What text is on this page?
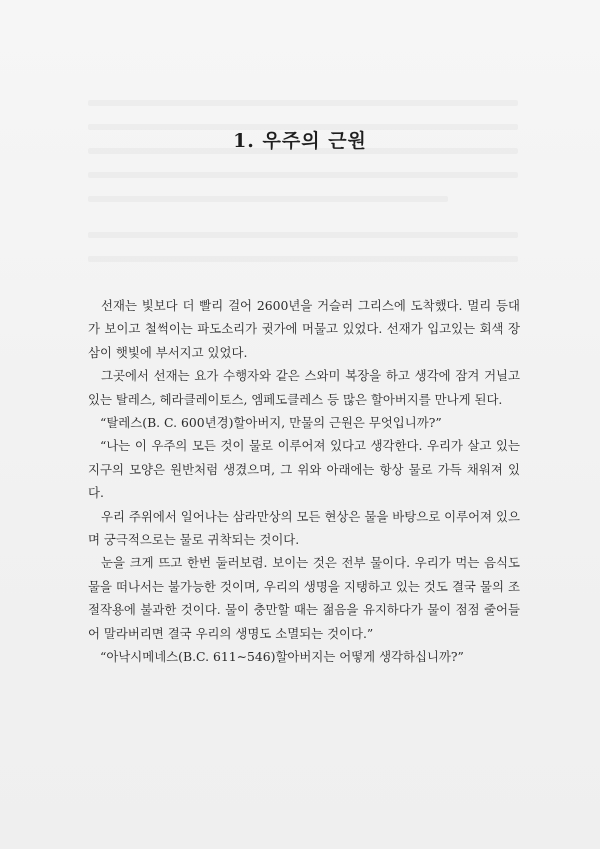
1. 우주의 근원

선재는 빛보다 더 빨리 걸어 2600년을 거슬러 그리스에 도착했다. 멀리 등대가 보이고 철썩이는 파도소리가 귓가에 머물고 있었다. 선재가 입고있는 회색 장삼이 햇빛에 부서지고 있었다.

그곳에서 선재는 요가 수행자와 같은 스와미 복장을 하고 생각에 잠겨 거닐고 있는 탈레스, 헤라클레이토스, 엠페도클레스 등 많은 할아버지를 만나게 된다.

“탈레스(B. C. 600년경)할아버지, 만물의 근원은 무엇입니까?”

“나는 이 우주의 모든 것이 물로 이루어져 있다고 생각한다. 우리가 살고 있는 지구의 모양은 원반처럼 생겼으며, 그 위와 아래에는 항상 물로 가득 채워져 있다.

우리 주위에서 일어나는 삼라만상의 모든 현상은 물을 바탕으로 이루어져 있으며 궁극적으로는 물로 귀착되는 것이다.

눈을 크게 뜨고 한번 둘러보렴. 보이는 것은 전부 물이다. 우리가 먹는 음식도 물을 떠나서는 불가능한 것이며, 우리의 생명을 지탱하고 있는 것도 결국 물의 조절작용에 불과한 것이다. 물이 충만할 때는 젊음을 유지하다가 물이 점점 줄어들어 말라버리면 결국 우리의 생명도 소멸되는 것이다.”

“아낙시메네스(B.C. 611∼546)할아버지는 어떻게 생각하십니까?”
